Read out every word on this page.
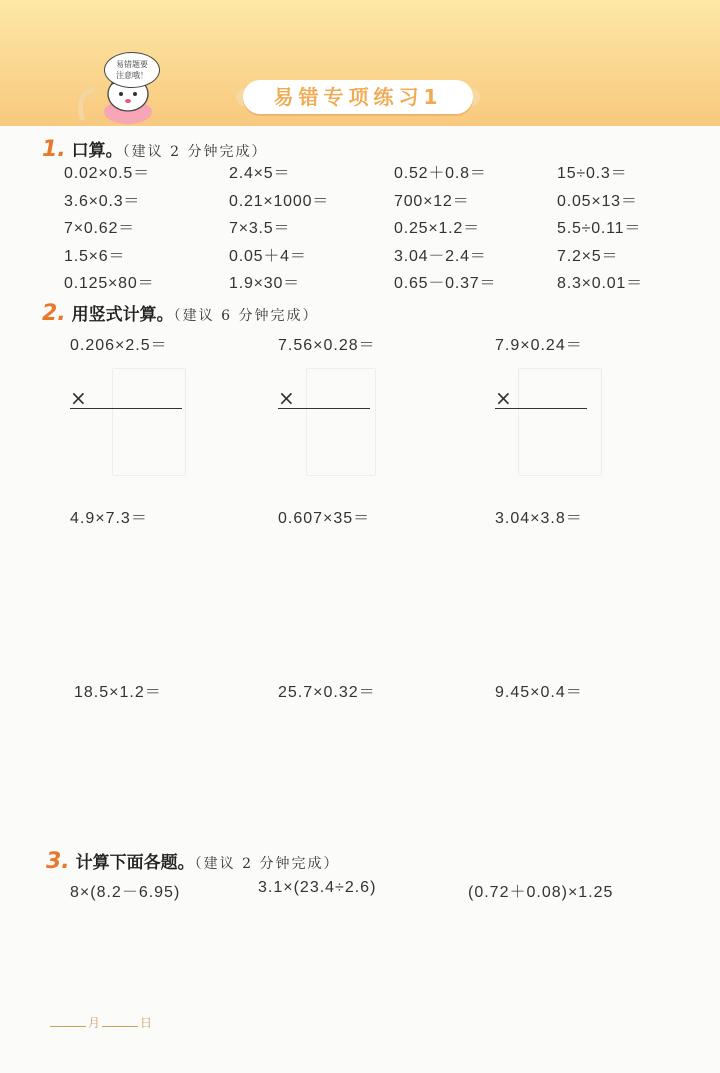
易错题要
注意哦！
易错专项练习1
1. 口算。（建议 2 分钟完成）
0.02×0.5＝	2.4×5＝	0.52＋0.8＝	15÷0.3＝
3.6×0.3＝	0.21×1000＝	700×12＝	0.05×13＝
7×0.62＝	7×3.5＝	0.25×1.2＝	5.5÷0.11＝
1.5×6＝	0.05＋4＝	3.04－2.4＝	7.2×5＝
0.125×80＝	1.9×30＝	0.65－0.37＝	8.3×0.01＝
2. 用竖式计算。（建议 6 分钟完成）
0.206×2.5＝	7.56×0.28＝	7.9×0.24＝
×	×	×
4.9×7.3＝	0.607×35＝	3.04×3.8＝
18.5×1.2＝	25.7×0.32＝	9.45×0.4＝
3. 计算下面各题。（建议 2 分钟完成）
8×(8.2－6.95)	3.1×(23.4÷2.6)	(0.72＋0.08)×1.25
月	日
